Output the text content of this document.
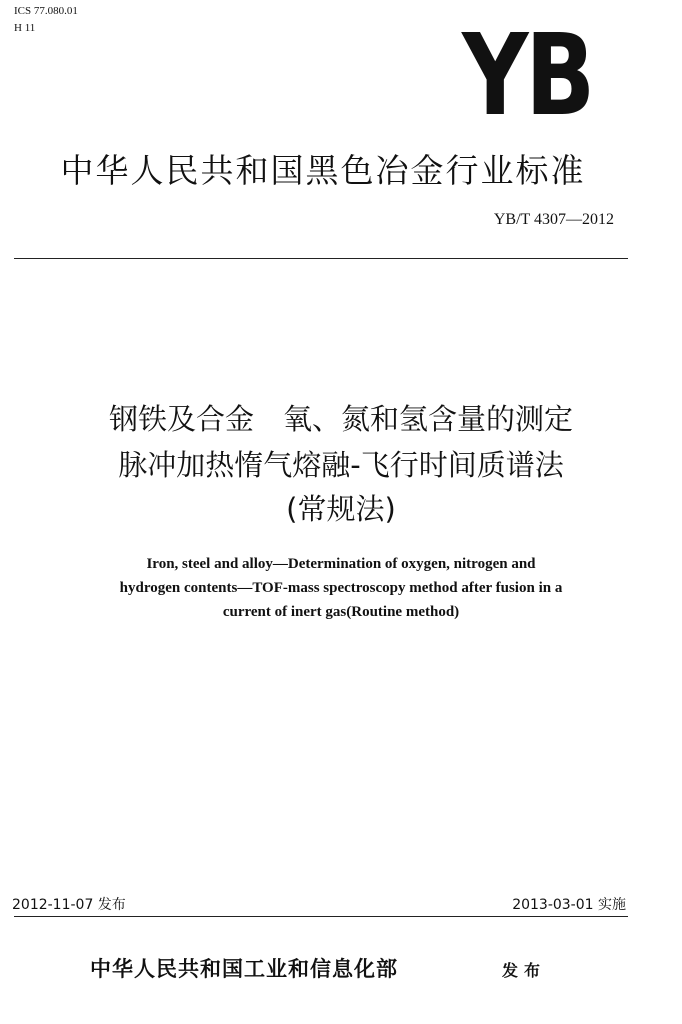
ICS 77.080.01
H 11	YB
中华人民共和国黑色冶金行业标准
YB/T 4307—2012
钢铁及合金　氧、氮和氢含量的测定
脉冲加热惰气熔融-飞行时间质谱法
(常规法)
Iron, steel and alloy—Determination of oxygen, nitrogen and
hydrogen contents—TOF-mass spectroscopy method after fusion in a
current of inert gas(Routine method)
2012-11-07 发布	2013-03-01 实施
中华人民共和国工业和信息化部	发布
